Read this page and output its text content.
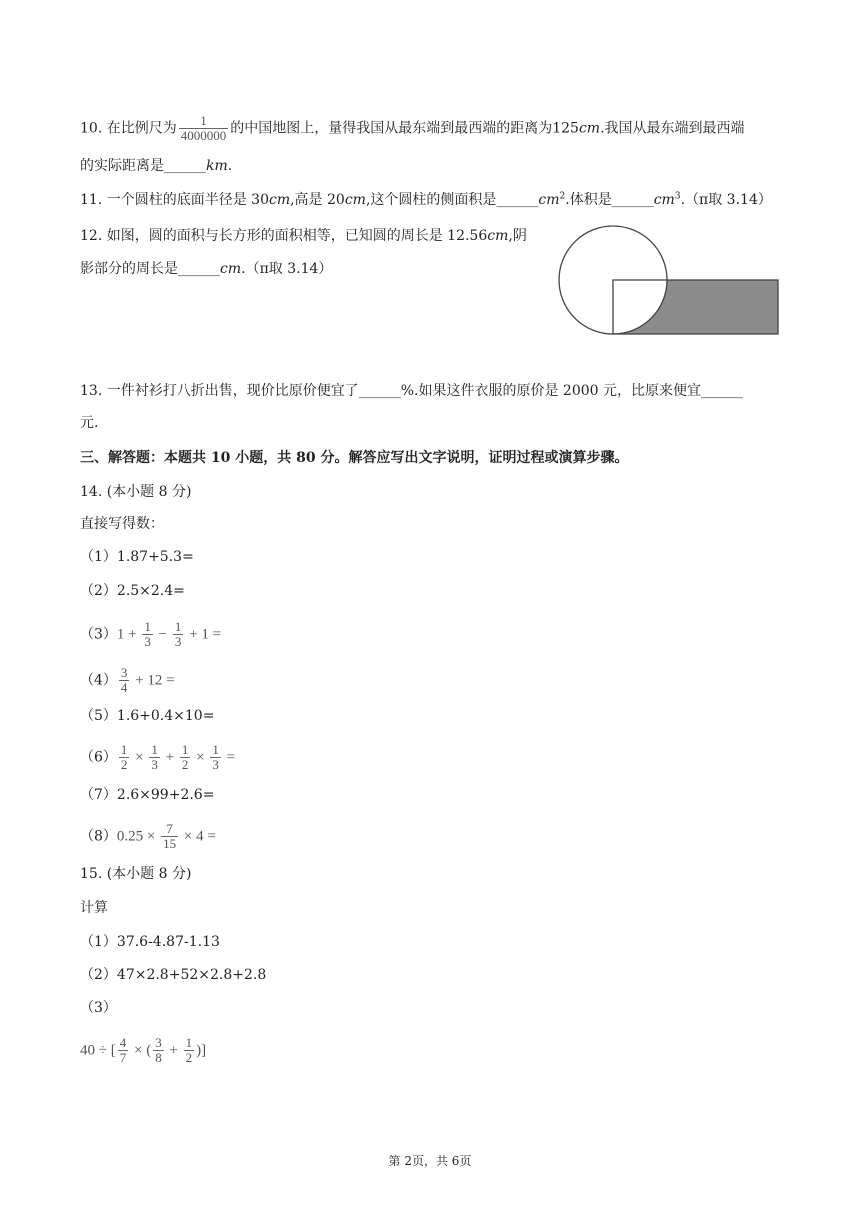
10. 在比例尺为 $\frac{1}{4000000}$ 的中国地图上，量得我国从最东端到最西端的距离为125cm.我国从最东端到最西端
的实际距离是______km.
11. 一个圆柱的底面半径是 30cm,高是 20cm,这个圆柱的侧面积是$\_\_\_\_\_\_cm^2$.体积是$\_\_\_\_\_\_cm^3.(\pi$取 3.14）
12. 如图，圆的面积与长方形的面积相等，已知圆的周长是 12.56cm,阴
影部分的周长是______cm.（π取 3.14）
13. 一件衬衫打八折出售，现价比原价便宜了______%.如果这件衣服的原价是 2000 元，比原来便宜______
元.
三、解答题：本题共 10 小题，共 80 分。解答应写出文字说明，证明过程或演算步骤。
14. (本小题 8 分)
直接写得数：
（1）1.87+5.3=
（2）2.5×2.4=
$(3)1 + \frac{1}{3} - \frac{1}{3} + 1$ =
$(4) \frac{3}{4} + 12$ =
（5）1.6+0.4×10=
$(6) \frac{1}{2} \times \frac{1}{3} + \frac{1}{2} \times \frac{1}{3}$ =
（7）2.6×99+2.6=
$(8)0.25 \times \frac{7}{15} \times 4$ =
15. (本小题 8 分)
计算
（1）37.6-4.87-1.13
（2）47×2.8+52×2.8+2.8
（3）
40 ÷ [ $\frac{4}{7}$ × ( $\frac{3}{8} + \frac{1}{2}$ )]
第 2页，共 6页
